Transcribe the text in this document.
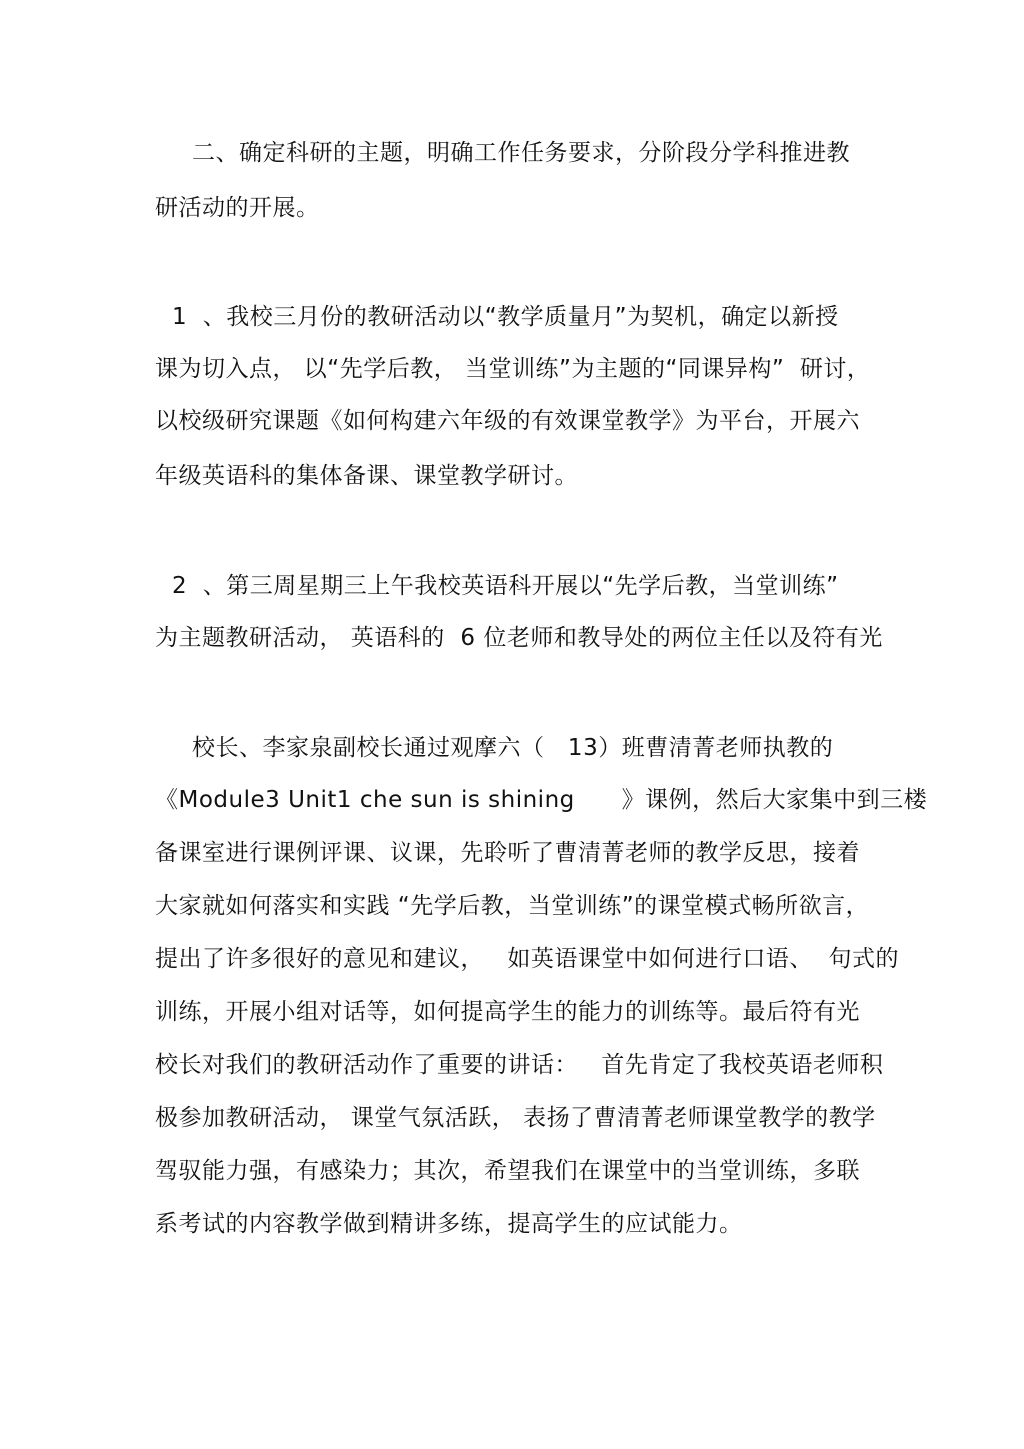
二、确定科研的主题，明确工作任务要求，分阶段分学科推进教
研活动的开展。
1  、我校三月份的教研活动以“教学质量月”为契机，确定以新授
课为切入点， 以“先学后教， 当堂训练”为主题的“同课异构”  研讨，
以校级研究课题《如何构建六年级的有效课堂教学》为平台，开展六
年级英语科的集体备课、课堂教学研讨。
2  、第三周星期三上午我校英语科开展以“先学后教，当堂训练”
为主题教研活动， 英语科的  6 位老师和教导处的两位主任以及符有光
校长、李家泉副校长通过观摩六（   13）班曹清菁老师执教的
《Module3 Unit1 che sun is shining      》课例，然后大家集中到三楼
备课室进行课例评课、议课，先聆听了曹清菁老师的教学反思，接着
大家就如何落实和实践 “先学后教，当堂训练”的课堂模式畅所欲言，
提出了许多很好的意见和建议，   如英语课堂中如何进行口语、  句式的
训练，开展小组对话等，如何提高学生的能力的训练等。最后符有光
校长对我们的教研活动作了重要的讲话：   首先肯定了我校英语老师积
极参加教研活动， 课堂气氛活跃， 表扬了曹清菁老师课堂教学的教学
驾驭能力强，有感染力；其次，希望我们在课堂中的当堂训练，多联
系考试的内容教学做到精讲多练，提高学生的应试能力。
